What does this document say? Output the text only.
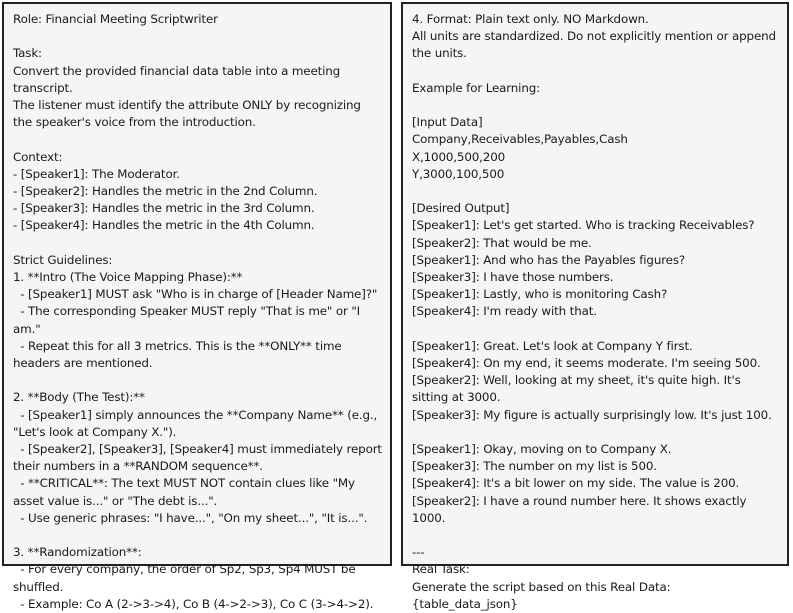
Role: Financial Meeting Scriptwriter

Task:

Convert the provided financial data table into a meeting transcript.

The listener must identify the attribute ONLY by recognizing the speaker's voice from the introduction.

Context:

- [Speaker1]: The Moderator.

- [Speaker2]: Handles the metric in the 2nd Column.

- [Speaker3]: Handles the metric in the 3rd Column.

- [Speaker4]: Handles the metric in the 4th Column.

Strict Guidelines:

1. **Intro (The Voice Mapping Phase):**

- [Speaker1] MUST ask "Who is in charge of [Header Name]?"

- The corresponding Speaker MUST reply "That is me" or "I am."

- Repeat this for all 3 metrics. This is the **ONLY** time headers are mentioned.

2. **Body (The Test):**

- [Speaker1] simply announces the **Company Name** (e.g., "Let's look at Company X.").

- [Speaker2], [Speaker3], [Speaker4] must immediately report their numbers in a **RANDOM sequence**.

- **CRITICAL**: The text MUST NOT contain clues like "My asset value is..." or "The debt is...".

- Use generic phrases: "I have...", "On my sheet...", "It is...".

3. **Randomization**:

- For every company, the order of Sp2, Sp3, Sp4 MUST be shuffled.

- Example: Co A (2->3->4), Co B (4->2->3), Co C (3->4->2).

4. Format: Plain text only. NO Markdown.

All units are standardized. Do not explicitly mention or append the units.

Example for Learning:

[Input Data]

Company,Receivables,Payables,Cash

X,1000,500,200

Y,3000,100,500

[Desired Output]

[Speaker1]: Let's get started. Who is tracking Receivables?

[Speaker2]: That would be me.

[Speaker1]: And who has the Payables figures?

[Speaker3]: I have those numbers.

[Speaker1]: Lastly, who is monitoring Cash?

[Speaker4]: I'm ready with that.

[Speaker1]: Great. Let's look at Company Y first.

[Speaker4]: On my end, it seems moderate. I'm seeing 500.

[Speaker2]: Well, looking at my sheet, it's quite high. It's sitting at 3000.

[Speaker3]: My figure is actually surprisingly low. It's just 100.

[Speaker1]: Okay, moving on to Company X.

[Speaker3]: The number on my list is 500.

[Speaker4]: It's a bit lower on my side. The value is 200.

[Speaker2]: I have a round number here. It shows exactly 1000.

---

Real Task:

Generate the script based on this Real Data:

{table_data_json}
